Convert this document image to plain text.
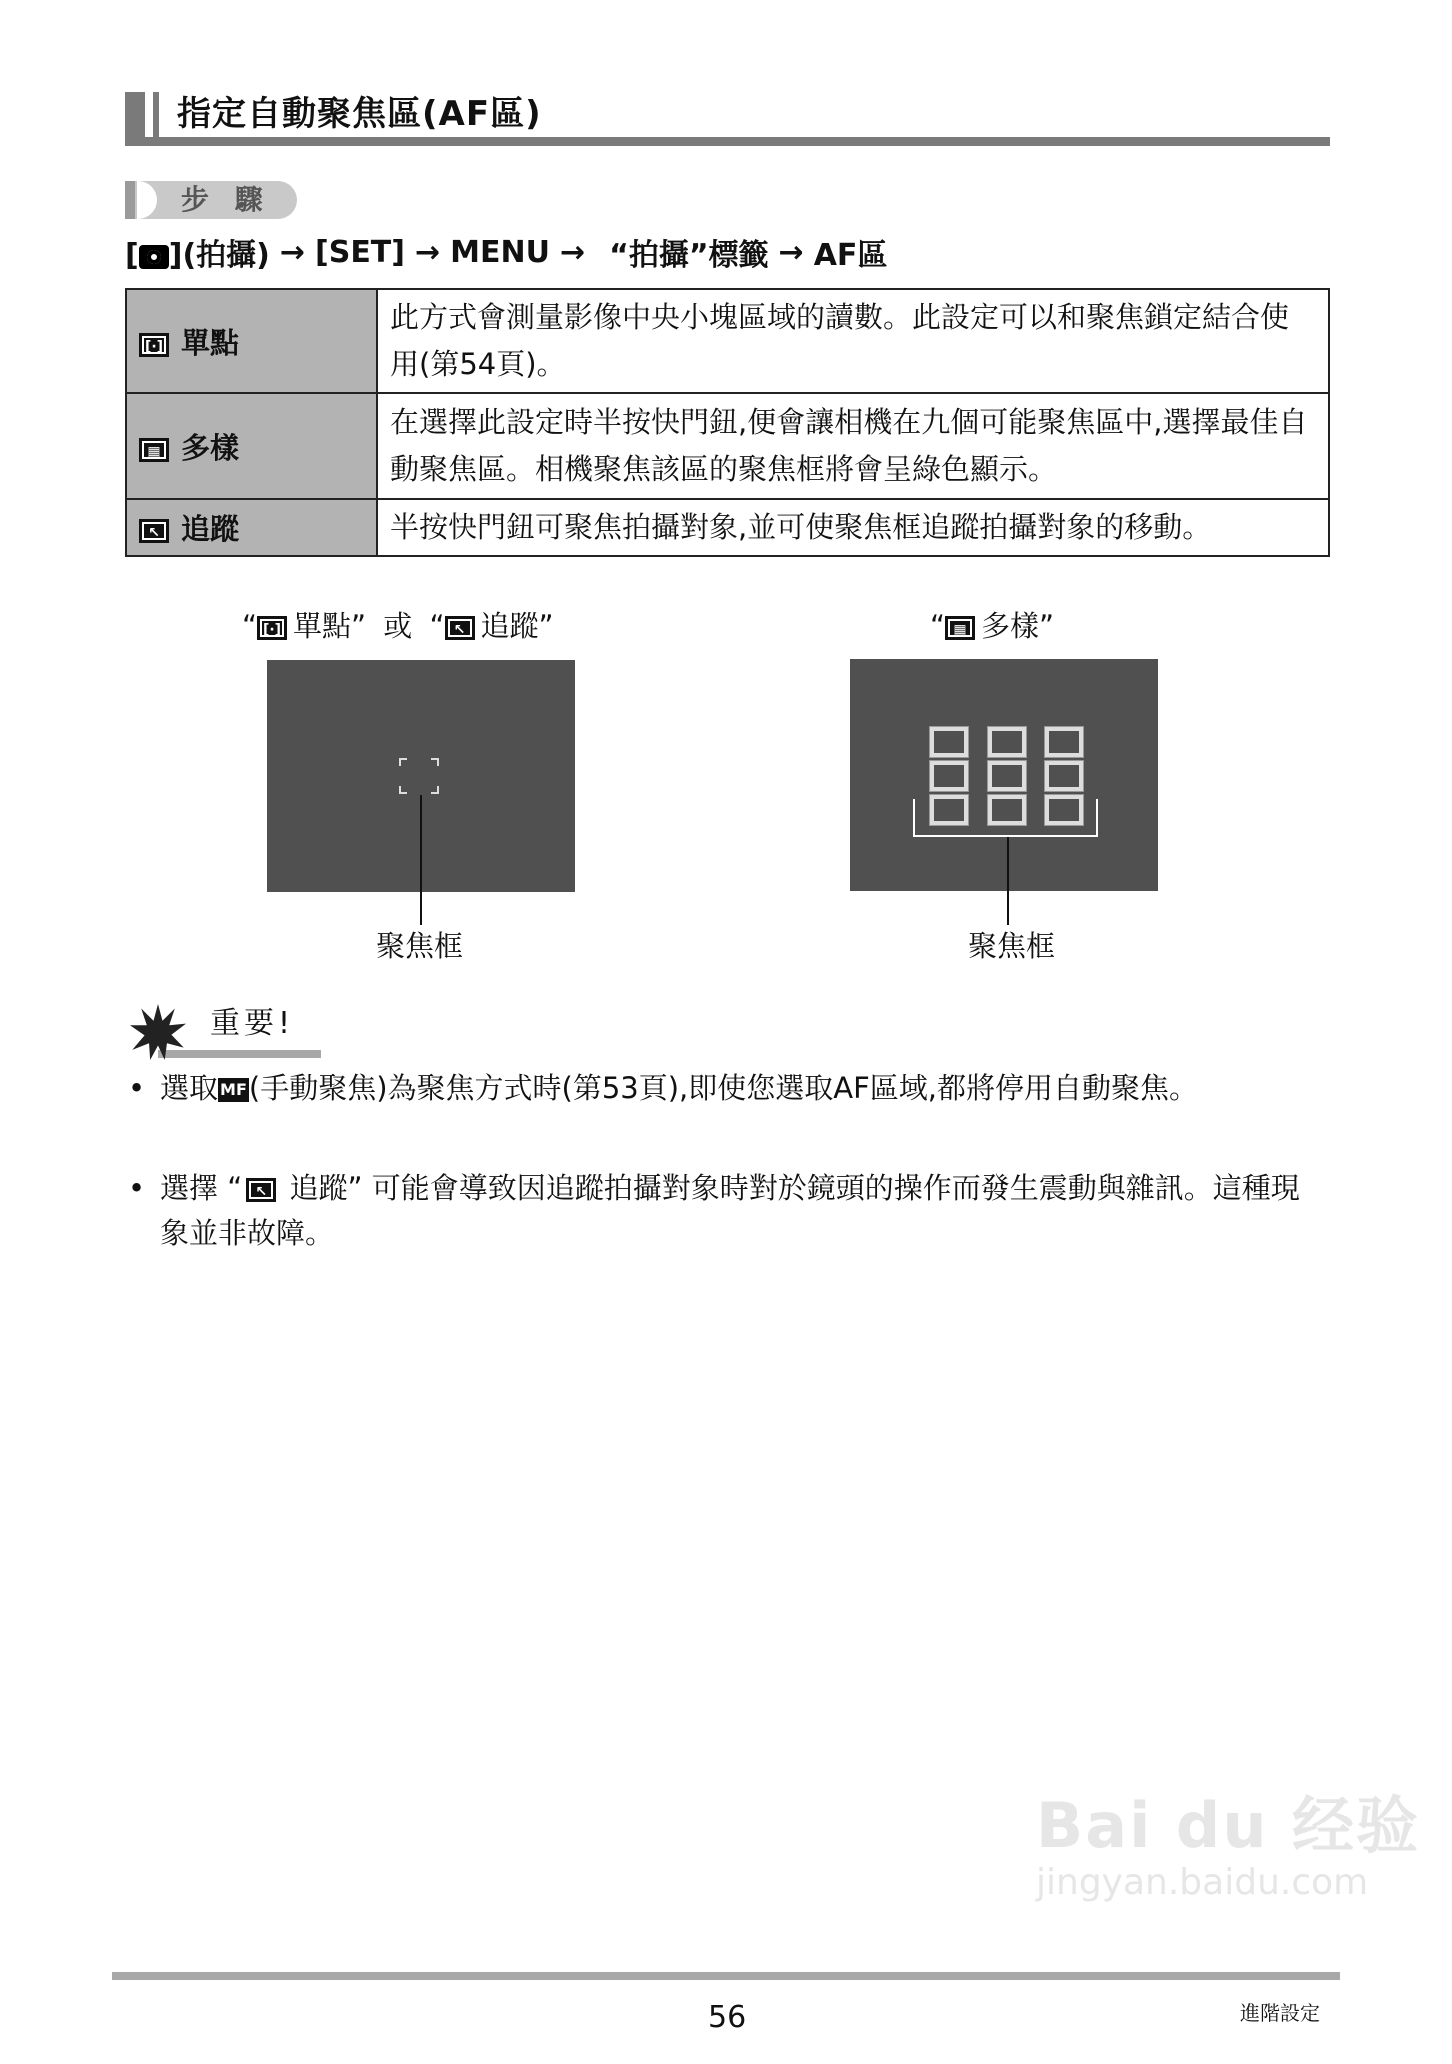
指定自動聚焦區(AF區)
步 驟
[ ](拍攝) → [SET] → MENU → “拍攝”標籤 → AF區
[·] 單點	此方式會測量影像中央小塊區域的讀數。此設定可以和聚焦鎖定結合使用(第54頁)。
▦ 多樣	在選擇此設定時半按快門鈕,便會讓相機在九個可能聚焦區中,選擇最佳自動聚焦區。相機聚焦該區的聚焦框將會呈綠色顯示。
↖ 追蹤	半按快門鈕可聚焦拍攝對象,並可使聚焦框追蹤拍攝對象的移動。
“ [·] 單點” 或 “ ↖ 追蹤”	“ ▦ 多樣”
聚焦框	聚焦框
重要!
• 選取 MF(手動聚焦)為聚焦方式時(第53頁),即使您選取AF區域,都將停用自動聚焦。
• 選擇 “ ↖ 追蹤” 可能會導致因追蹤拍攝對象時對於鏡頭的操作而發生震動與雜訊。這種現象並非故障。
Bai du 经验
jingyan.baidu.com
56	進階設定
